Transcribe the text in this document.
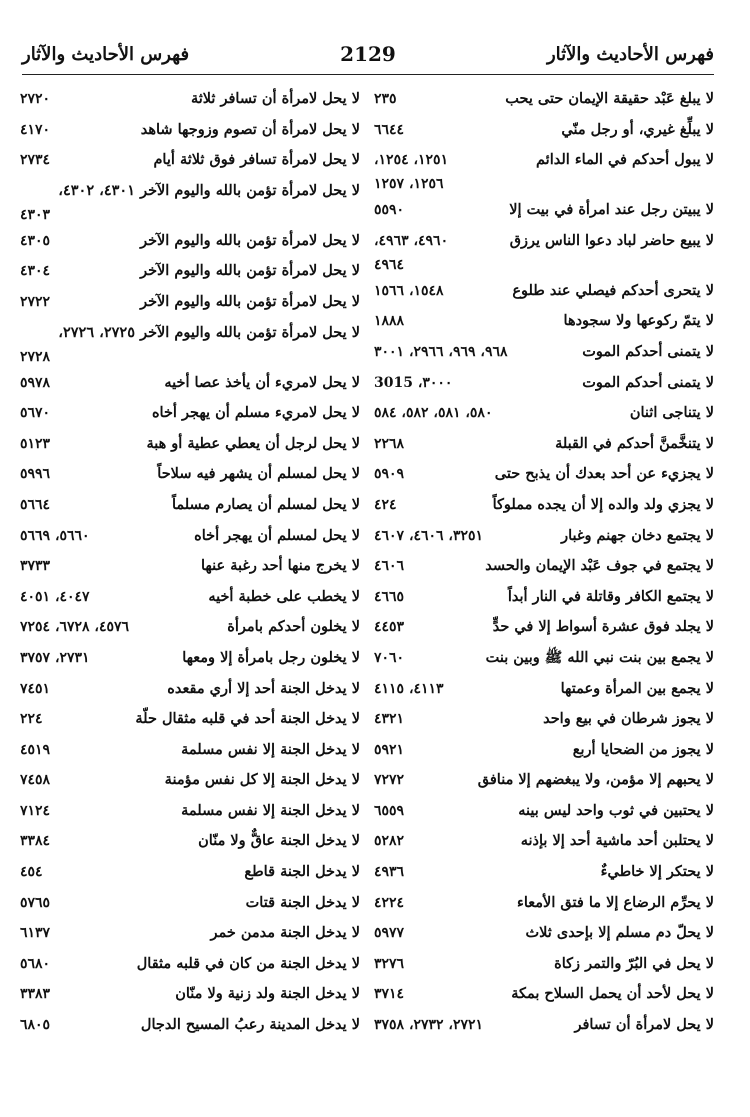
فهرس الأحاديث والآثار
2129
فهرس الأحاديث والآثار
لا يبلغ عَبْد حقيقة الإيمان حتى يحب
٢٣٥
لا يبلِّغ غيري، أو رجل منّي
٦٦٤٤
لا يبول أحدكم في الماء الدائم
١٢٥١، ١٢٥٤،
١٢٥٦، ١٢٥٧
لا يبيتن رجل عند امرأة في بيت إلا
٥٥٩٠
لا يبيع حاضر لباد دعوا الناس يرزق
٤٩٦٠، ٤٩٦٣،
٤٩٦٤
لا يتحرى أحدكم فيصلي عند طلوع
١٥٤٨، ١٥٦٦
لا يتمّ ركوعها ولا سجودها
١٨٨٨
لا يتمنى أحدكم الموت
٩٦٨، ٩٦٩، ٢٩٦٦، ٣٠٠١
لا يتمنى أحدكم الموت
٣٠٠٠، 3015
لا يتناجى اثنان
٥٨٠، ٥٨١، ٥٨٢، ٥٨٤
لا يتنخَّمنَّ أحدكم في القبلة
٢٢٦٨
لا يجزيء عن أحد بعدك أن يذبح حتى
٥٩٠٩
لا يجزي ولد والده إلا أن يجده مملوكاً
٤٢٤
لا يجتمع دخان جهنم وغبار
٣٢٥١، ٤٦٠٦، ٤٦٠٧
لا يجتمع في جوف عَبْد الإيمان والحسد
٤٦٠٦
لا يجتمع الكافر وقاتلة في النار أبداً
٤٦٦٥
لا يجلد فوق عشرة أسواط إلا في حدٍّ
٤٤٥٣
لا يجمع بين بنت نبي الله ﷺ وبين بنت
٧٠٦٠
لا يجمع بين المرأة وعمتها
٤١١٣، ٤١١٥
لا يجوز شرطان في بيع واحد
٤٣٢١
لا يجوز من الضحايا أربع
٥٩٢١
لا يحبهم إلا مؤمن، ولا يبغضهم إلا منافق
٧٢٧٢
لا يحتبين في ثوب واحد ليس بينه
٦٥٥٩
لا يحتلبن أحد ماشية أحد إلا بإذنه
٥٢٨٢
لا يحتكر إلا خاطيءٌ
٤٩٣٦
لا يحرِّم الرضاع إلا ما فتق الأمعاء
٤٢٢٤
لا يحلّ دم مسلم إلا بإحدى ثلاث
٥٩٧٧
لا يحل في البُرّ والتمر زكاة
٣٢٧٦
لا يحل لأحد أن يحمل السلاح بمكة
٣٧١٤
لا يحل لامرأة أن تسافر
٢٧٢١، ٢٧٣٢، ٣٧٥٨
لا يحل لامرأة أن تسافر ثلاثة
٢٧٢٠
لا يحل لامرأة أن تصوم وزوجها شاهد
٤١٧٠
لا يحل لامرأة تسافر فوق ثلاثة أيام
٢٧٣٤
لا يحل لامرأة تؤمن بالله واليوم الآخر ٤٣٠١، ٤٣٠٢،
٤٣٠٣
لا يحل لامرأة تؤمن بالله واليوم الآخر
٤٣٠٥
لا يحل لامرأة تؤمن بالله واليوم الآخر
٤٣٠٤
لا يحل لامرأة تؤمن بالله واليوم الآخر
٢٧٢٢
لا يحل لامرأة تؤمن بالله واليوم الآخر ٢٧٢٥، ٢٧٢٦،
٢٧٢٨
لا يحل لامريء أن يأخذ عصا أخيه
٥٩٧٨
لا يحل لامريء مسلم أن يهجر أخاه
٥٦٧٠
لا يحل لرجل أن يعطي عطية أو هبة
٥١٢٣
لا يحل لمسلم أن يشهر فيه سلاحاً
٥٩٩٦
لا يحل لمسلم أن يصارم مسلماً
٥٦٦٤
لا يحل لمسلم أن يهجر أخاه
٥٦٦٠، ٥٦٦٩
لا يخرج منها أحد رغبة عنها
٣٧٣٣
لا يخطب على خطبة أخيه
٤٠٤٧، ٤٠٥١
لا يخلون أحدكم بامرأة
٤٥٧٦، ٦٧٢٨، ٧٢٥٤
لا يخلون رجل بامرأة إلا ومعها
٢٧٣١، ٣٧٥٧
لا يدخل الجنة أحد إلا أري مقعده
٧٤٥١
لا يدخل الجنة أحد في قلبه مثقال حلّة
٢٢٤
لا يدخل الجنة إلا نفس مسلمة
٤٥١٩
لا يدخل الجنة إلا كل نفس مؤمنة
٧٤٥٨
لا يدخل الجنة إلا نفس مسلمة
٧١٢٤
لا يدخل الجنة عاقٌّ ولا منّان
٣٣٨٤
لا يدخل الجنة قاطع
٤٥٤
لا يدخل الجنة قتات
٥٧٦٥
لا يدخل الجنة مدمن خمر
٦١٣٧
لا يدخل الجنة من كان في قلبه مثقال
٥٦٨٠
لا يدخل الجنة ولد زنية ولا منّان
٣٣٨٣
لا يدخل المدينة رعبُ المسيح الدجال
٦٨٠٥
